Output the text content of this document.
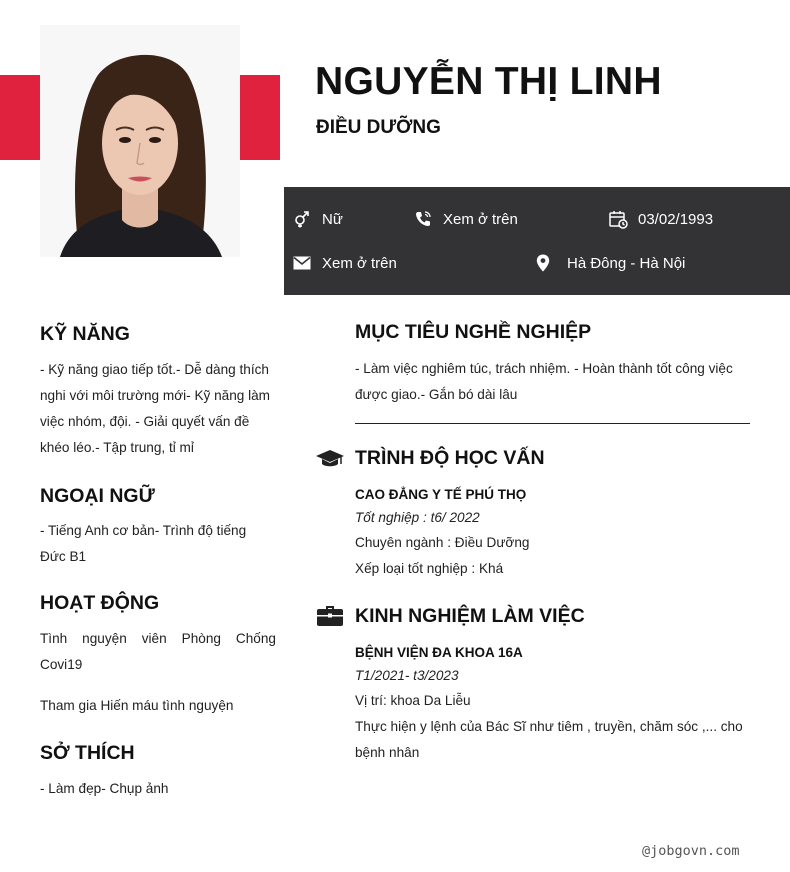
NGUYỄN THỊ LINH
ĐIỀU DƯỠNG
Nữ	Xem ở trên	03/02/1993
Xem ở trên	Hà Đông - Hà Nội
KỸ NĂNG
- Kỹ năng giao tiếp tốt.- Dễ dàng thích
nghi với môi trường mới- Kỹ năng làm
việc nhóm, đội. - Giải quyết vấn đề
khéo léo.- Tập trung, tỉ mỉ
NGOẠI NGỮ
- Tiếng Anh cơ bản- Trình độ tiếng
Đức B1
HOẠT ĐỘNG
Tình nguyện viên Phòng Chống Covi19
Tham gia Hiến máu tình nguyện
SỞ THÍCH
- Làm đẹp- Chụp ảnh
MỤC TIÊU NGHỀ NGHIỆP
- Làm việc nghiêm túc, trách nhiệm. - Hoàn thành tốt công việc
được giao.- Gắn bó dài lâu
TRÌNH ĐỘ HỌC VẤN
CAO ĐẲNG Y TẾ PHÚ THỌ
Tốt nghiệp : t6/ 2022
Chuyên ngành : Điều Dưỡng
Xếp loại tốt nghiệp : Khá
KINH NGHIỆM LÀM VIỆC
BỆNH VIỆN ĐA KHOA 16A
T1/2021- t3/2023
Vị trí: khoa Da Liễu
Thực hiện y lệnh của Bác Sĩ như tiêm , truyền, chăm sóc ,... cho
bệnh nhân
@jobgovn.com
